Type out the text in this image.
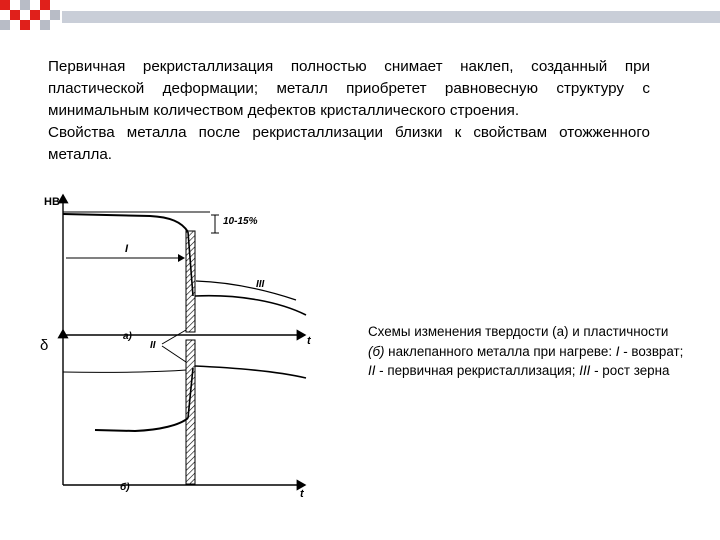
Первичная рекристаллизация полностью снимает наклеп, созданный при пластической деформации; металл приобретет равновесную структуру с минимальным количеством дефектов кристаллического строения.

Свойства металла после рекристаллизации близки к свойствам отожженного металла.

HB
t
10-15%
I
III
а)
II
δ
t
б)
Схемы изменения твердости (а) и пластичности (б) наклепанного металла при нагреве: I - возврат; II - первичная рекристаллизация; III - рост зерна
